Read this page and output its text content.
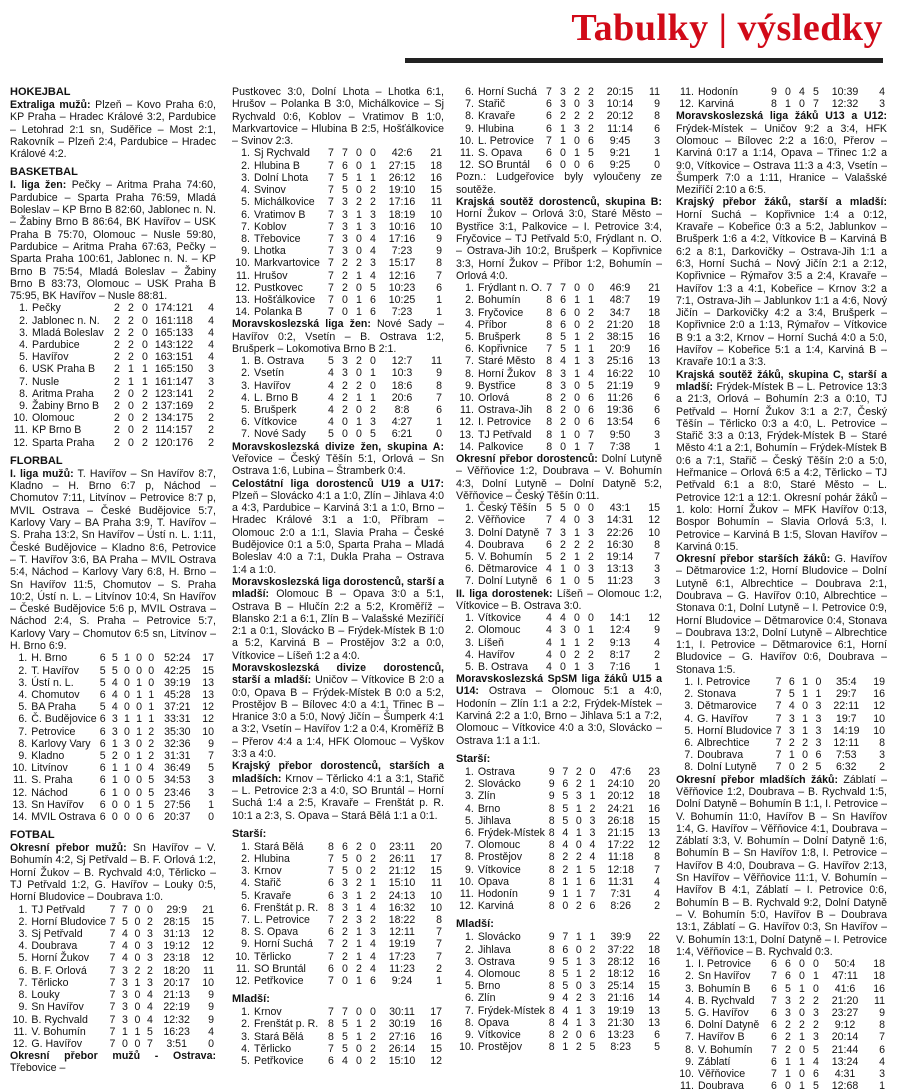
Tabulky | výsledky
HOKEJBAL

Extraliga mužů: Plzeň – Kovo Praha 6:0, KP Praha – Hradec Králové 3:2, Pardubice – Letohrad 2:1 sn, Suděřice – Most 2:1, Rakovník – Plzeň 2:4, Pardubice – Hradec Králové 4:2.

BASKETBAL

I. liga žen: Pečky – Aritma Praha 74:60, Pardubice – Sparta Praha 76:59, Mladá Boleslav – KP Brno B 82:60, Jablonec n. N. – Žabiny Brno B 86:64, BK Havířov – USK Praha B 75:70, Olomouc – Nusle 59:80, Pardubice – Aritma Praha 67:63, Pečky – Sparta Praha 100:61, Jablonec n. N. – KP Brno B 75:54, Mladá Boleslav – Žabiny Brno B 83:73, Olomouc – USK Praha B 75:95, BK Havířov – Nusle 88:81.

1.	Pečky	2	2	0	174:121	4
2.	Jablonec n. N.	2	2	0	161:118	4
3.	Mladá Boleslav	2	2	0	165:133	4
4.	Pardubice	2	2	0	143:122	4
5.	Havířov	2	2	0	163:151	4
6.	USK Praha B	2	1	1	165:150	3
7.	Nusle	2	1	1	161:147	3
8.	Aritma Praha	2	0	2	123:141	2
9.	Žabiny Brno B	2	0	2	137:169	2
10.	Olomouc	2	0	2	134:175	2
11.	KP Brno B	2	0	2	114:157	2
12.	Sparta Praha	2	0	2	120:176	2
FLORBAL

I. liga mužů: T. Havířov – Sn Havířov 8:7, Kladno – H. Brno 6:7 p, Náchod – Chomutov 7:11, Litvínov – Petrovice 8:7 p, MVIL Ostrava – České Budějovice 5:7, Karlovy Vary – BA Praha 3:9, T. Havířov – S. Praha 13:2, Sn Havířov – Ústí n. L. 1:11, České Budějovice – Kladno 8:6, Petrovice – T. Havířov 3:6, BA Praha – MVIL Ostrava 5:4, Náchod – Karlovy Vary 6:8, H. Brno – Sn Havířov 11:5, Chomutov – S. Praha 10:2, Ústí n. L. – Litvínov 10:4, Sn Havířov – České Budějovice 5:6 p, MVIL Ostrava – Náchod 2:4, S. Praha – Petrovice 5:7, Karlovy Vary – Chomutov 6:5 sn, Litvínov – H. Brno 6:9.

1.	H. Brno	6	5	1	0	0	52:24	17
2.	T. Havířov	5	5	0	0	0	42:25	15
3.	Ústí n. L.	5	4	0	1	0	39:19	13
4.	Chomutov	6	4	0	1	1	45:28	13
5.	BA Praha	5	4	0	0	1	37:21	12
6.	Č. Budějovice	6	3	1	1	1	33:31	12
7.	Petrovice	6	3	0	1	2	35:30	10
8.	Karlovy Vary	6	1	3	0	2	32:36	9
9.	Kladno	5	2	0	1	2	31:31	7
10.	Litvínov	6	1	1	0	4	36:49	5
11.	S. Praha	6	1	0	0	5	34:53	3
12.	Náchod	6	1	0	0	5	23:46	3
13.	Sn Havířov	6	0	0	1	5	27:56	1
14.	MVIL Ostrava	6	0	0	0	6	20:37	0
FOTBAL

Okresní přebor mužů: Sn Havířov – V. Bohumín 4:2, Sj Petřvald – B. F. Orlová 1:2, Horní Žukov – B. Rychvald 4:0, Těrlicko – TJ Petřvald 1:2, G. Havířov – Louky 0:5, Horní Bludovice – Doubrava 1:0.

1.	TJ Petřvald	7	7	0	0	29:9	21
2.	Horní Bludovice	7	5	0	2	28:15	15
3.	Sj Petřvald	7	4	0	3	31:13	12
4.	Doubrava	7	4	0	3	19:12	12
5.	Horní Žukov	7	4	0	3	23:18	12
6.	B. F. Orlová	7	3	2	2	18:20	11
7.	Těrlicko	7	3	1	3	20:17	10
8.	Louky	7	3	0	4	21:13	9
9.	Sn Havířov	7	3	0	4	22:19	9
10.	B. Rychvald	7	3	0	4	12:32	9
11.	V. Bohumín	7	1	1	5	16:23	4
12.	G. Havířov	7	0	0	7	3:51	0

Okresní přebor mužů - Ostrava: Třebovice –

Pustkovec 3:0, Dolní Lhota – Lhotka 6:1, Hrušov – Polanka B 3:0, Michálkovice – Sj Rychvald 0:6, Koblov – Vratimov B 1:0, Markvartovice – Hlubina B 2:5, Hošťálkovice – Svinov 2:3.

1.	Sj Rychvald	7	7	0	0	42:6	21
2.	Hlubina B	7	6	0	1	27:15	18
3.	Dolní Lhota	7	5	1	1	26:12	16
4.	Svinov	7	5	0	2	19:10	15
5.	Michálkovice	7	3	2	2	17:16	11
6.	Vratimov B	7	3	1	3	18:19	10
7.	Koblov	7	3	1	3	10:16	10
8.	Třebovice	7	3	0	4	17:16	9
9.	Lhotka	7	3	0	4	7:23	9
10.	Markvartovice	7	2	2	3	15:17	8
11.	Hrušov	7	2	1	4	12:16	7
12.	Pustkovec	7	2	0	5	10:23	6
13.	Hošťálkovice	7	0	1	6	10:25	1
14.	Polanka B	7	0	1	6	7:23	1

Moravskoslezská liga žen: Nové Sady – Havířov 0:2, Vsetín – B. Ostrava 1:2, Brušperk – Lokomotiva Brno B 2:1.

1.	B. Ostrava	5	3	2	0	12:7	11
2.	Vsetín	4	3	0	1	10:3	9
3.	Havířov	4	2	2	0	18:6	8
4.	L. Brno B	4	2	1	1	20:6	7
5.	Brušperk	4	2	0	2	8:8	6
6.	Vítkovice	4	0	1	3	4:27	1
7.	Nové Sady	5	0	0	5	6:21	0

Moravskoslezská divize žen, skupina A: Veřovice – Český Těšín 5:1, Orlová – Sn Ostrava 1:6, Lubina – Štramberk 0:4.

Celostátní liga dorostenců U19 a U17: Plzeň – Slovácko 4:1 a 1:0, Zlín – Jihlava 4:0 a 4:3, Pardubice – Karviná 3:1 a 1:0, Brno – Hradec Králové 3:1 a 1:0, Příbram – Olomouc 2:0 a 1:1, Slavia Praha – České Budějovice 0:1 a 5:0, Sparta Praha – Mladá Boleslav 4:0 a 7:1, Dukla Praha – Ostrava 1:4 a 1:0.

Moravskoslezská liga dorostenců, starší a mladší: Olomouc B – Opava 3:0 a 5:1, Ostrava B – Hlučín 2:2 a 5:2, Kroměříž – Blansko 2:1 a 6:1, Zlín B – Valašské Meziříčí 2:1 a 0:1, Slovácko B – Frýdek-Místek B 1:0 a 5:2, Karviná B – Prostějov 3:2 a 0:0, Vítkovice – Líšeň 1:2 a 4:0.

Moravskoslezská divize dorostenců, starší a mladší: Uničov – Vítkovice B 2:0 a 0:0, Opava B – Frýdek-Místek B 0:0 a 5:2, Prostějov B – Bílovec 4:0 a 4:1, Třinec B – Hranice 3:0 a 5:0, Nový Jičín – Šumperk 4:1 a 3:2, Vsetín – Havířov 1:2 a 0:4, Kroměříž B – Přerov 4:4 a 1:4, HFK Olomouc – Vyškov 3:3 a 4:0.

Krajský přebor dorostenců, starších a mladších: Krnov – Těrlicko 4:1 a 3:1, Stařič – L. Petrovice 2:3 a 4:0, SO Bruntál – Horní Suchá 1:4 a 2:5, Kravaře – Frenštát p. R. 10:1 a 2:3, S. Opava – Stará Bělá 1:1 a 0:1.

Starší:
1.	Stará Bělá	8	6	2	0	23:11	20
2.	Hlubina	7	5	0	2	26:11	17
3.	Krnov	7	5	0	2	21:12	15
4.	Stařič	6	3	2	1	15:10	11
5.	Kravaře	6	3	1	2	24:13	10
6.	Frenštát p. R.	8	3	1	4	16:32	10
7.	L. Petrovice	7	2	3	2	18:22	8
8.	S. Opava	6	2	1	3	12:11	7
9.	Horní Suchá	7	2	1	4	19:19	7
10.	Těrlicko	7	2	1	4	17:23	7
11.	SO Bruntál	6	0	2	4	11:23	2
12.	Petřkovice	7	0	1	6	9:24	1
Mladší:
1.	Krnov	7	7	0	0	30:11	17
2.	Frenštát p. R.	8	5	1	2	30:19	16
3.	Stará Bělá	8	5	1	2	27:16	16
4.	Těrlicko	7	5	0	2	26:14	15
5.	Petřkovice	6	4	0	2	15:10	12
6.	Horní Suchá	7	3	2	2	20:15	11
7.	Stařič	6	3	0	3	10:14	9
8.	Kravaře	6	2	2	2	20:12	8
9.	Hlubina	6	1	3	2	11:14	6
10.	L. Petrovice	7	1	0	6	9:45	3
11.	S. Opava	6	0	1	5	9:21	1
12.	SO Bruntál	6	0	0	6	9:25	0

Pozn.: Ludgeřovice byly vyloučeny ze soutěže.

Krajská soutěž dorostenců, skupina B: Horní Žukov – Orlová 3:0, Staré Město – Bystřice 3:1, Palkovice – I. Petrovice 3:4, Fryčovice – TJ Petřvald 5:0, Frýdlant n. O. – Ostrava-Jih 10:2, Brušperk – Kopřivnice 3:3, Horní Žukov – Příbor 1:2, Bohumín – Orlová 4:0.

1.	Frýdlant n. O.	7	7	0	0	46:9	21
2.	Bohumín	8	6	1	1	48:7	19
3.	Fryčovice	8	6	0	2	34:7	18
4.	Příbor	8	6	0	2	21:20	18
5.	Brušperk	8	5	1	2	38:15	16
6.	Kopřivnice	7	5	1	1	20:9	16
7.	Staré Město	8	4	1	3	25:16	13
8.	Horní Žukov	8	3	1	4	16:22	10
9.	Bystřice	8	3	0	5	21:19	9
10.	Orlová	8	2	0	6	11:26	6
11.	Ostrava-Jih	8	2	0	6	19:36	6
12.	I. Petrovice	8	2	0	6	13:54	6
13.	TJ Petřvald	8	1	0	7	9:50	3
14.	Palkovice	8	0	1	7	7:38	1

Okresní přebor dorostenců: Dolní Lutyně – Věřňovice 1:2, Doubrava – V. Bohumín 4:3, Dolní Lutyně – Dolní Datyně 5:2, Věřňovice – Český Těšín 0:11.

1.	Český Těšín	5	5	0	0	43:1	15
2.	Věřňovice	7	4	0	3	14:31	12
3.	Dolní Datyně	7	3	1	3	22:26	10
4.	Doubrava	6	2	2	2	16:30	8
5.	V. Bohumín	5	2	1	2	19:14	7
6.	Dětmarovice	4	1	0	3	13:13	3
7.	Dolní Lutyně	6	1	0	5	11:23	3

II. liga dorostenek: Líšeň – Olomouc 1:2, Vítkovice – B. Ostrava 3:0.

1.	Vítkovice	4	4	0	0	14:1	12
2.	Olomouc	4	3	0	1	12:4	9
3.	Líšeň	4	1	1	2	9:13	4
4.	Havířov	4	0	2	2	8:17	2
5.	B. Ostrava	4	0	1	3	7:16	1

Moravskoslezská SpSM liga žáků U15 a U14: Ostrava – Olomouc 5:1 a 4:0, Hodonín – Zlín 1:1 a 2:2, Frýdek-Místek – Karviná 2:2 a 1:0, Brno – Jihlava 5:1 a 7:2, Olomouc – Vítkovice 4:0 a 3:0, Slovácko – Ostrava 1:1 a 1:1.

Starší:
1.	Ostrava	9	7	2	0	47:6	23
2.	Slovácko	9	6	2	1	24:10	20
3.	Zlín	9	5	3	1	20:12	18
4.	Brno	8	5	1	2	24:21	16
5.	Jihlava	8	5	0	3	26:18	15
6.	Frýdek-Místek	8	4	1	3	21:15	13
7.	Olomouc	8	4	0	4	17:22	12
8.	Prostějov	8	2	2	4	11:18	8
9.	Vítkovice	8	2	1	5	12:18	7
10.	Opava	8	1	1	6	11:31	4
11.	Hodonín	9	1	1	7	7:31	4
12.	Karviná	8	0	2	6	8:26	2
Mladší:
1.	Slovácko	9	7	1	1	39:9	22
2.	Jihlava	8	6	0	2	37:22	18
3.	Ostrava	9	5	1	3	28:12	16
4.	Olomouc	8	5	1	2	18:12	16
5.	Brno	8	5	0	3	25:14	15
6.	Zlín	9	4	2	3	21:16	14
7.	Frýdek-Místek	8	4	1	3	19:19	13
8.	Opava	8	4	1	3	21:30	13
9.	Vítkovice	8	2	0	6	13:23	6
10.	Prostějov	8	1	2	5	8:23	5
11.	Hodonín	9	0	4	5	10:39	4
12.	Karviná	8	1	0	7	12:32	3

Moravskoslezská liga žáků U13 a U12: Frýdek-Místek – Uničov 9:2 a 3:4, HFK Olomouc – Bílovec 2:2 a 16:0, Přerov – Karviná 0:17 a 1:14, Opava – Třinec 1:2 a 9:0, Vítkovice – Ostrava 11:3 a 4:3, Vsetín – Šumperk 7:0 a 1:11, Hranice – Valašské Meziříčí 2:10 a 6:5.

Krajský přebor žáků, starší a mladší: Horní Suchá – Kopřivnice 1:4 a 0:12, Kravaře – Kobeřice 0:3 a 5:2, Jablunkov – Brušperk 1:6 a 4:2, Vítkovice B – Karviná B 6:2 a 8:1, Darkovičky – Ostrava-Jih 1:1 a 6:3, Horní Suchá – Nový Jičín 2:1 a 2:12, Kopřivnice – Rýmařov 3:5 a 2:4, Kravaře – Havířov 1:3 a 4:1, Kobeřice – Krnov 3:2 a 7:1, Ostrava-Jih – Jablunkov 1:1 a 4:6, Nový Jičín – Darkovičky 4:2 a 3:4, Brušperk – Kopřivnice 2:0 a 1:13, Rýmařov – Vítkovice B 9:1 a 3:2, Krnov – Horní Suchá 4:0 a 5:0, Havířov – Kobeřice 5:1 a 1:4, Karviná B – Kravaře 10:1 a 3:3.

Krajská soutěž žáků, skupina C, starší a mladší: Frýdek-Místek B – L. Petrovice 13:3 a 21:3, Orlová – Bohumín 2:3 a 0:10, TJ Petřvald – Horní Žukov 3:1 a 2:7, Český Těšín – Těrlicko 0:3 a 4:0, L. Petrovice – Stařič 3:3 a 0:13, Frýdek-Místek B – Staré Město 4:1 a 2:1, Bohumín – Frýdek-Místek B 0:6 a 7:1, Stařič – Český Těšín 2:0 a 5:0, Heřmanice – Orlová 6:5 a 4:2, Těrlicko – TJ Petřvald 6:1 a 8:0, Staré Město – L. Petrovice 12:1 a 12:1. Okresní pohár žáků – 1. kolo: Horní Žukov – MFK Havířov 0:13, Bospor Bohumín – Slavia Orlová 5:3, I. Petrovice – Karviná B 1:5, Slovan Havířov – Karviná 0:15.

Okresní přebor starších žáků: G. Havířov – Dětmarovice 1:2, Horní Bludovice – Dolní Lutyně 6:1, Albrechtice – Doubrava 2:1, Doubrava – G. Havířov 0:10, Albrechtice – Stonava 0:1, Dolní Lutyně – I. Petrovice 0:9, Horní Bludovice – Dětmarovice 0:4, Stonava – Doubrava 13:2, Dolní Lutyně – Albrechtice 1:1, I. Petrovice – Dětmarovice 6:1, Horní Bludovice – G. Havířov 0:6, Doubrava – Stonava 1:5.

1.	I. Petrovice	7	6	1	0	35:4	19
2.	Stonava	7	5	1	1	29:7	16
3.	Dětmarovice	7	4	0	3	22:11	12
4.	G. Havířov	7	3	1	3	19:7	10
5.	Horní Bludovice	7	3	1	3	14:19	10
6.	Albrechtice	7	2	2	3	12:11	8
7.	Doubrava	7	1	0	6	7:53	3
8.	Dolní Lutyně	7	0	2	5	6:32	2

Okresní přebor mladších žáků: Záblatí – Věřňovice 1:2, Doubrava – B. Rychvald 1:5, Dolní Datyně – Bohumín B 1:1, I. Petrovice – V. Bohumín 11:0, Havířov B – Sn Havířov 1:4, G. Havířov – Věřňovice 4:1, Doubrava – Záblatí 3:3, V. Bohumín – Dolní Datyně 1:6, Bohumín B – Sn Havířov 1:8, I. Petrovice – Havířov B 4:0, Doubrava – G. Havířov 2:13, Sn Havířov – Věřňovice 11:1, V. Bohumín – Havířov B 4:1, Záblatí – I. Petrovice 0:6, Bohumín B – B. Rychvald 9:2, Dolní Datyně – V. Bohumín 5:0, Havířov B – Doubrava 13:1, Záblatí – G. Havířov 0:3, Sn Havířov – V. Bohumín 13:1, Dolní Datyně – I. Petrovice 1:4, Věřňovice – B. Rychvald 0:3.

1.	I. Petrovice	6	6	0	0	50:4	18
2.	Sn Havířov	7	6	0	1	47:11	18
3.	Bohumín B	6	5	1	0	41:6	16
4.	B. Rychvald	7	3	2	2	21:20	11
5.	G. Havířov	6	3	0	3	23:27	9
6.	Dolní Datyně	6	2	2	2	9:12	8
7.	Havířov B	6	2	1	3	20:14	7
8.	V. Bohumín	7	2	0	5	21:44	6
9.	Záblatí	6	1	1	4	13:24	4
10.	Věřňovice	7	1	0	6	4:31	3
11.	Doubrava	6	0	1	5	12:68	1
